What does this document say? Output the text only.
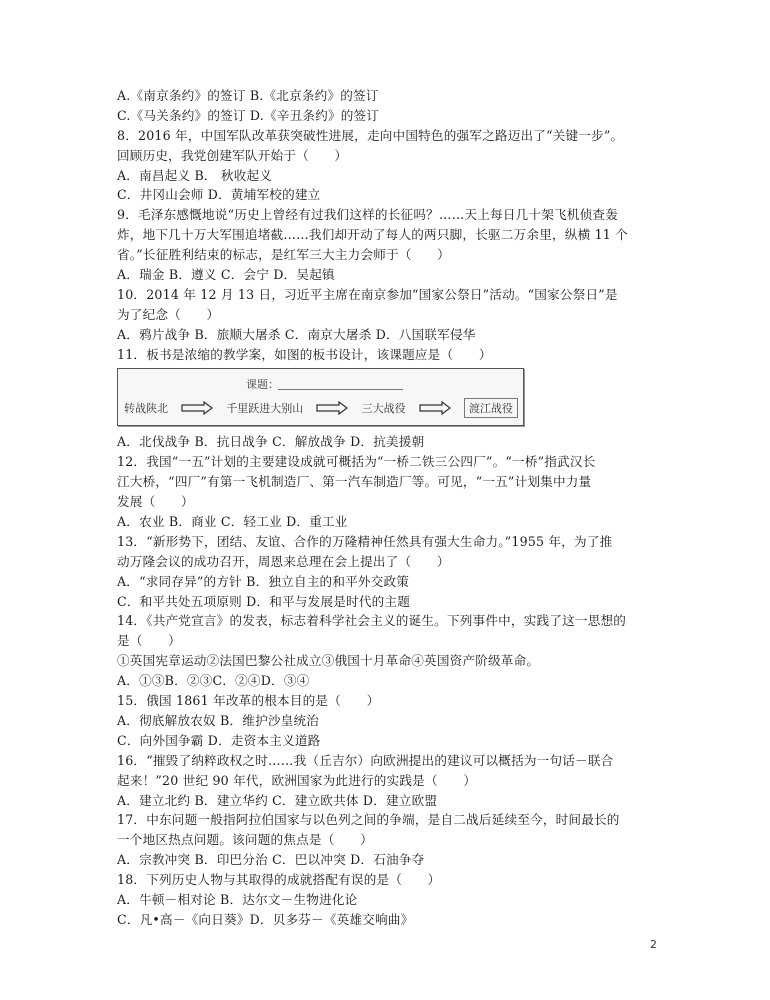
A.《南京条约》的签订 B.《北京条约》的签订
C.《马关条约》的签订 D.《辛丑条约》的签订
8．2016 年，中国军队改革获突破性进展，走向中国特色的强军之路迈出了“关键一步”。
回顾历史，我党创建军队开始于（　　）
A．南昌起义 B． 秋收起义
C．井冈山会师 D．黄埔军校的建立
9．毛泽东感慨地说“历史上曾经有过我们这样的长征吗？……天上每日几十架飞机侦查轰
炸，地下几十万大军围追堵截……我们却开动了每人的两只脚，长驱二万余里，纵横 11 个
省。”长征胜利结束的标志，是红军三大主力会师于（　　）
A．瑞金 B．遵义 C．会宁 D．吴起镇
10．2014 年 12 月 13 日，习近平主席在南京参加“国家公祭日”活动。“国家公祭日”是
为了纪念（　　）
A．鸦片战争 B．旅顺大屠杀 C．南京大屠杀 D．八国联军侵华
11．板书是浓缩的教学案，如图的板书设计，该课题应是（　　）
课题：
转战陕北	千里跃进大别山	三大战役	渡江战役
A．北伐战争 B．抗日战争 C．解放战争 D．抗美援朝
12．我国“一五”计划的主要建设成就可概括为“一桥二铁三公四厂”。“一桥”指武汉长
江大桥，“四厂”有第一飞机制造厂、第一汽车制造厂等。可见，“一五”计划集中力量
发展（　　）
A．农业 B．商业 C．轻工业 D．重工业
13．“新形势下，团结、友谊、合作的万隆精神任然具有强大生命力。”1955 年，为了推
动万隆会议的成功召开，周恩来总理在会上提出了（　　）
A．“求同存异”的方针 B．独立自主的和平外交政策
C．和平共处五项原则 D．和平与发展是时代的主题
14．《共产党宣言》的发表，标志着科学社会主义的诞生。下列事件中，实践了这一思想的
是（　　）
①英国宪章运动②法国巴黎公社成立③俄国十月革命④英国资产阶级革命。
A．①③B．②③C．②④D．③④
15．俄国 1861 年改革的根本目的是（　　）
A．彻底解放农奴 B．维护沙皇统治
C．向外国争霸 D．走资本主义道路
16．“摧毁了纳粹政权之时……我（丘吉尔）向欧洲提出的建议可以概括为一句话－联合
起来！”20 世纪 90 年代，欧洲国家为此进行的实践是（　　）
A．建立北约 B．建立华约 C．建立欧共体 D．建立欧盟
17．中东问题一般指阿拉伯国家与以色列之间的争端，是自二战后延续至今，时间最长的
一个地区热点问题。该问题的焦点是（　　）
A．宗教冲突 B．印巴分治 C．巴以冲突 D．石油争夺
18．下列历史人物与其取得的成就搭配有误的是（　　）
A．牛顿－相对论 B．达尔文－生物进化论
C．凡•高－《向日葵》D．贝多芬－《英雄交响曲》
2
